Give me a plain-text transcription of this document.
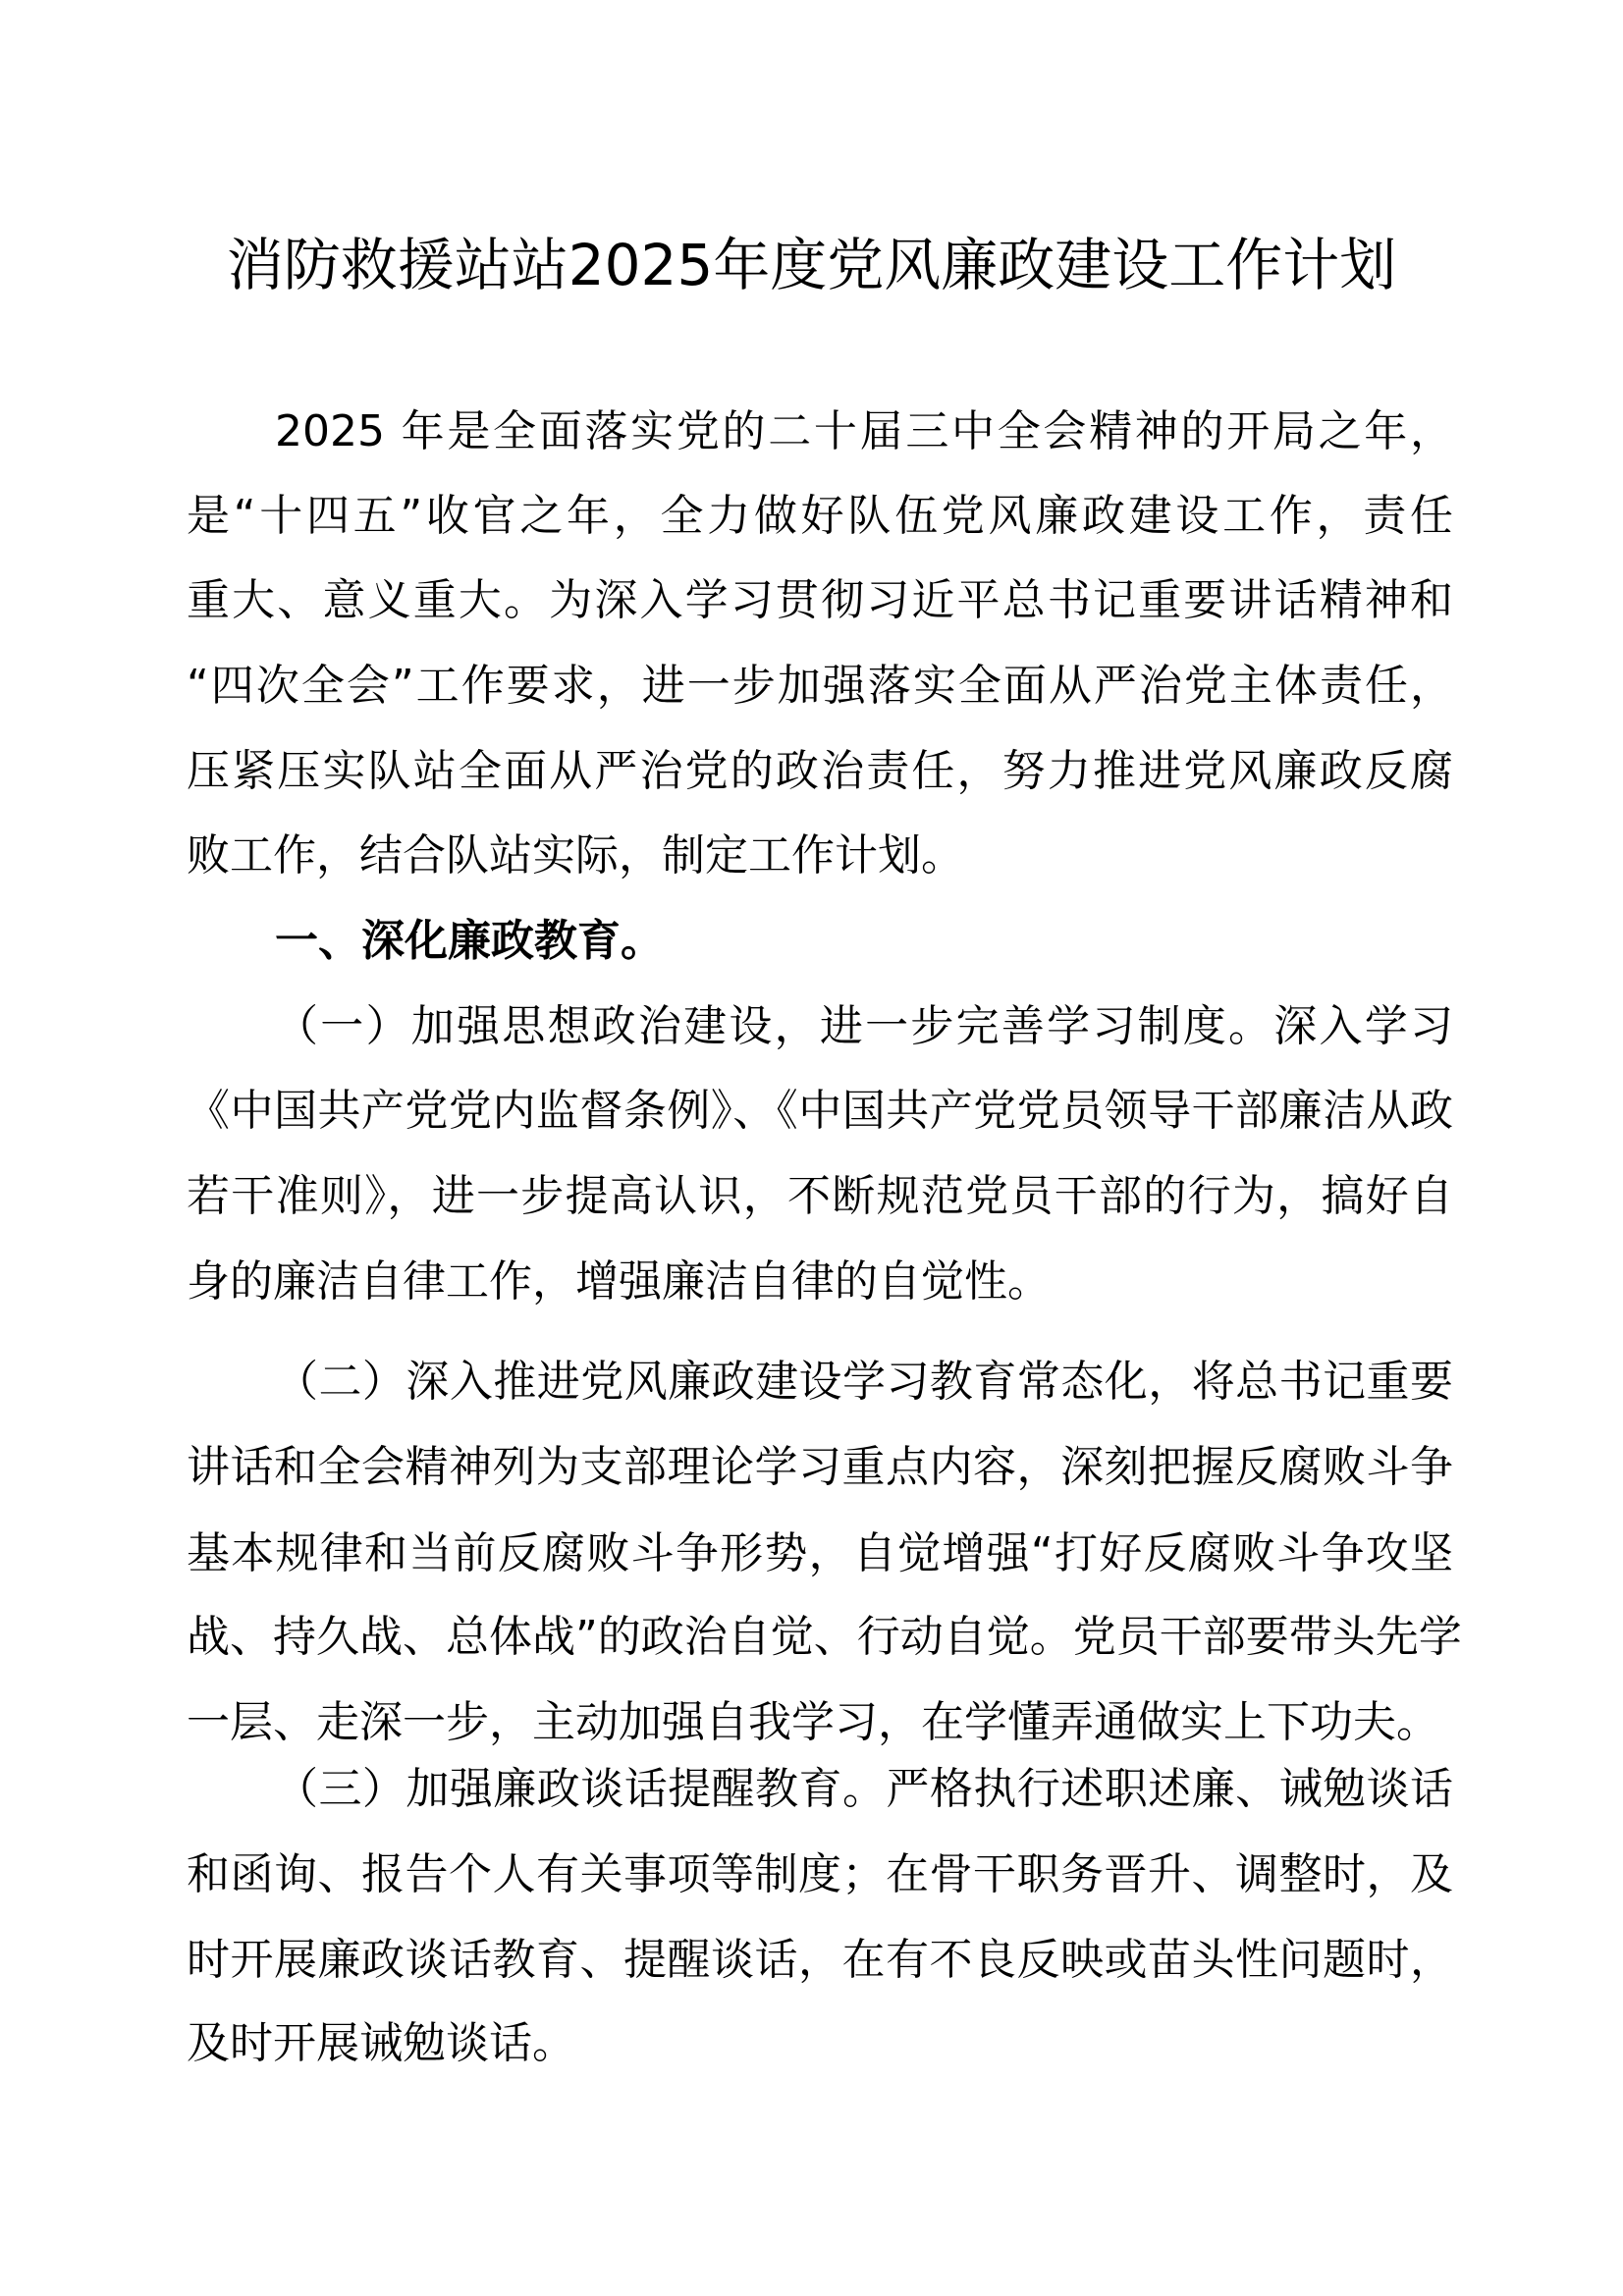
消防救援站站2025年度党风廉政建设工作计划
2025 年是全面落实党的二十届三中全会精神的开局之年，
是“十四五”收官之年，全力做好队伍党风廉政建设工作，责任
重大、意义重大。为深入学习贯彻习近平总书记重要讲话精神和
“四次全会”工作要求，进一步加强落实全面从严治党主体责任，
压紧压实队站全面从严治党的政治责任，努力推进党风廉政反腐
败工作，结合队站实际，制定工作计划。
一、深化廉政教育。
（一）加强思想政治建设，进一步完善学习制度。深入学习
《中国共产党党内监督条例》、《中国共产党党员领导干部廉洁从政
若干准则》，进一步提高认识，不断规范党员干部的行为，搞好自
身的廉洁自律工作，增强廉洁自律的自觉性。
（二）深入推进党风廉政建设学习教育常态化，将总书记重要
讲话和全会精神列为支部理论学习重点内容，深刻把握反腐败斗争
基本规律和当前反腐败斗争形势，自觉增强“打好反腐败斗争攻坚
战、持久战、总体战”的政治自觉、行动自觉。党员干部要带头先学
一层、走深一步，主动加强自我学习，在学懂弄通做实上下功夫。
（三）加强廉政谈话提醒教育。严格执行述职述廉、诫勉谈话
和函询、报告个人有关事项等制度；在骨干职务晋升、调整时，及
时开展廉政谈话教育、提醒谈话，在有不良反映或苗头性问题时，
及时开展诫勉谈话。
